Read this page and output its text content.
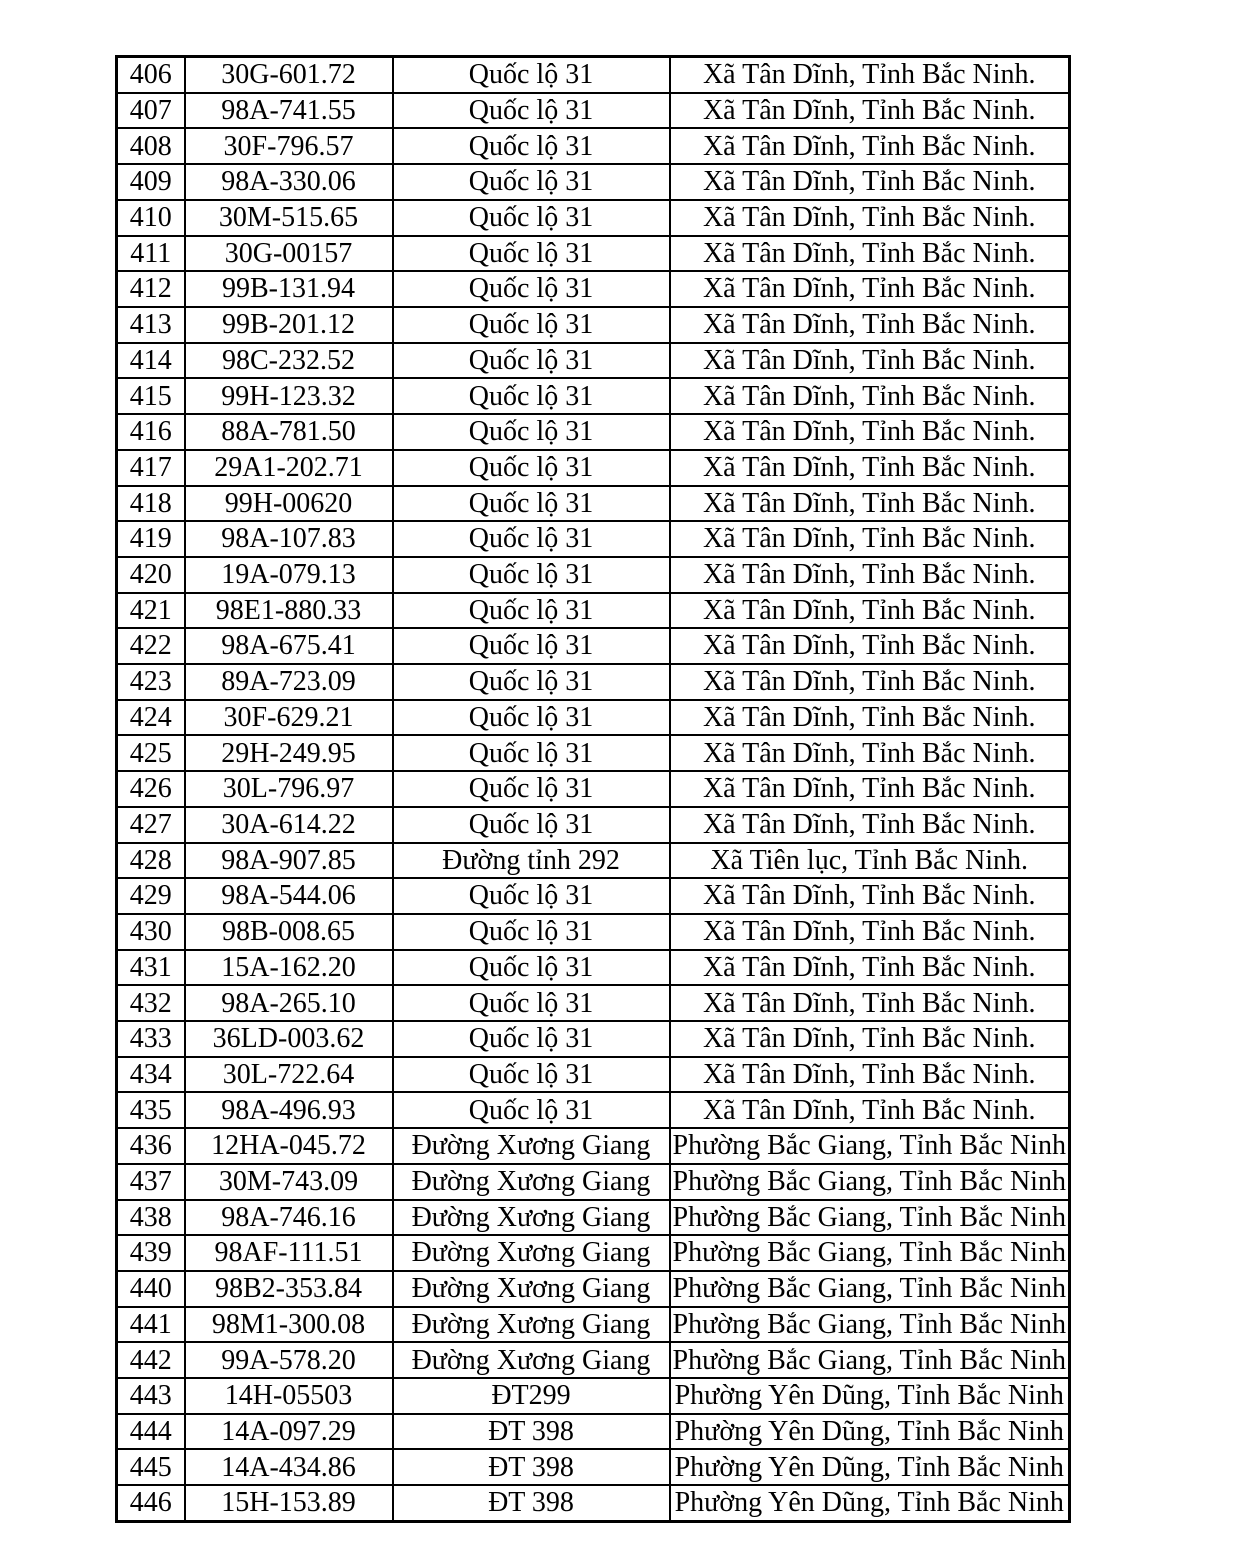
406	30G-601.72	Quốc lộ 31	Xã Tân Dĩnh, Tỉnh Bắc Ninh.
407	98A-741.55	Quốc lộ 31	Xã Tân Dĩnh, Tỉnh Bắc Ninh.
408	30F-796.57	Quốc lộ 31	Xã Tân Dĩnh, Tỉnh Bắc Ninh.
409	98A-330.06	Quốc lộ 31	Xã Tân Dĩnh, Tỉnh Bắc Ninh.
410	30M-515.65	Quốc lộ 31	Xã Tân Dĩnh, Tỉnh Bắc Ninh.
411	30G-00157	Quốc lộ 31	Xã Tân Dĩnh, Tỉnh Bắc Ninh.
412	99B-131.94	Quốc lộ 31	Xã Tân Dĩnh, Tỉnh Bắc Ninh.
413	99B-201.12	Quốc lộ 31	Xã Tân Dĩnh, Tỉnh Bắc Ninh.
414	98C-232.52	Quốc lộ 31	Xã Tân Dĩnh, Tỉnh Bắc Ninh.
415	99H-123.32	Quốc lộ 31	Xã Tân Dĩnh, Tỉnh Bắc Ninh.
416	88A-781.50	Quốc lộ 31	Xã Tân Dĩnh, Tỉnh Bắc Ninh.
417	29A1-202.71	Quốc lộ 31	Xã Tân Dĩnh, Tỉnh Bắc Ninh.
418	99H-00620	Quốc lộ 31	Xã Tân Dĩnh, Tỉnh Bắc Ninh.
419	98A-107.83	Quốc lộ 31	Xã Tân Dĩnh, Tỉnh Bắc Ninh.
420	19A-079.13	Quốc lộ 31	Xã Tân Dĩnh, Tỉnh Bắc Ninh.
421	98E1-880.33	Quốc lộ 31	Xã Tân Dĩnh, Tỉnh Bắc Ninh.
422	98A-675.41	Quốc lộ 31	Xã Tân Dĩnh, Tỉnh Bắc Ninh.
423	89A-723.09	Quốc lộ 31	Xã Tân Dĩnh, Tỉnh Bắc Ninh.
424	30F-629.21	Quốc lộ 31	Xã Tân Dĩnh, Tỉnh Bắc Ninh.
425	29H-249.95	Quốc lộ 31	Xã Tân Dĩnh, Tỉnh Bắc Ninh.
426	30L-796.97	Quốc lộ 31	Xã Tân Dĩnh, Tỉnh Bắc Ninh.
427	30A-614.22	Quốc lộ 31	Xã Tân Dĩnh, Tỉnh Bắc Ninh.
428	98A-907.85	Đường tỉnh 292	Xã Tiên lục, Tỉnh Bắc Ninh.
429	98A-544.06	Quốc lộ 31	Xã Tân Dĩnh, Tỉnh Bắc Ninh.
430	98B-008.65	Quốc lộ 31	Xã Tân Dĩnh, Tỉnh Bắc Ninh.
431	15A-162.20	Quốc lộ 31	Xã Tân Dĩnh, Tỉnh Bắc Ninh.
432	98A-265.10	Quốc lộ 31	Xã Tân Dĩnh, Tỉnh Bắc Ninh.
433	36LD-003.62	Quốc lộ 31	Xã Tân Dĩnh, Tỉnh Bắc Ninh.
434	30L-722.64	Quốc lộ 31	Xã Tân Dĩnh, Tỉnh Bắc Ninh.
435	98A-496.93	Quốc lộ 31	Xã Tân Dĩnh, Tỉnh Bắc Ninh.
436	12HA-045.72	Đường Xương Giang	Phường Bắc Giang, Tỉnh Bắc Ninh
437	30M-743.09	Đường Xương Giang	Phường Bắc Giang, Tỉnh Bắc Ninh
438	98A-746.16	Đường Xương Giang	Phường Bắc Giang, Tỉnh Bắc Ninh
439	98AF-111.51	Đường Xương Giang	Phường Bắc Giang, Tỉnh Bắc Ninh
440	98B2-353.84	Đường Xương Giang	Phường Bắc Giang, Tỉnh Bắc Ninh
441	98M1-300.08	Đường Xương Giang	Phường Bắc Giang, Tỉnh Bắc Ninh
442	99A-578.20	Đường Xương Giang	Phường Bắc Giang, Tỉnh Bắc Ninh
443	14H-05503	ĐT299	Phường Yên Dũng, Tỉnh Bắc Ninh
444	14A-097.29	ĐT 398	Phường Yên Dũng, Tỉnh Bắc Ninh
445	14A-434.86	ĐT 398	Phường Yên Dũng, Tỉnh Bắc Ninh
446	15H-153.89	ĐT 398	Phường Yên Dũng, Tỉnh Bắc Ninh
